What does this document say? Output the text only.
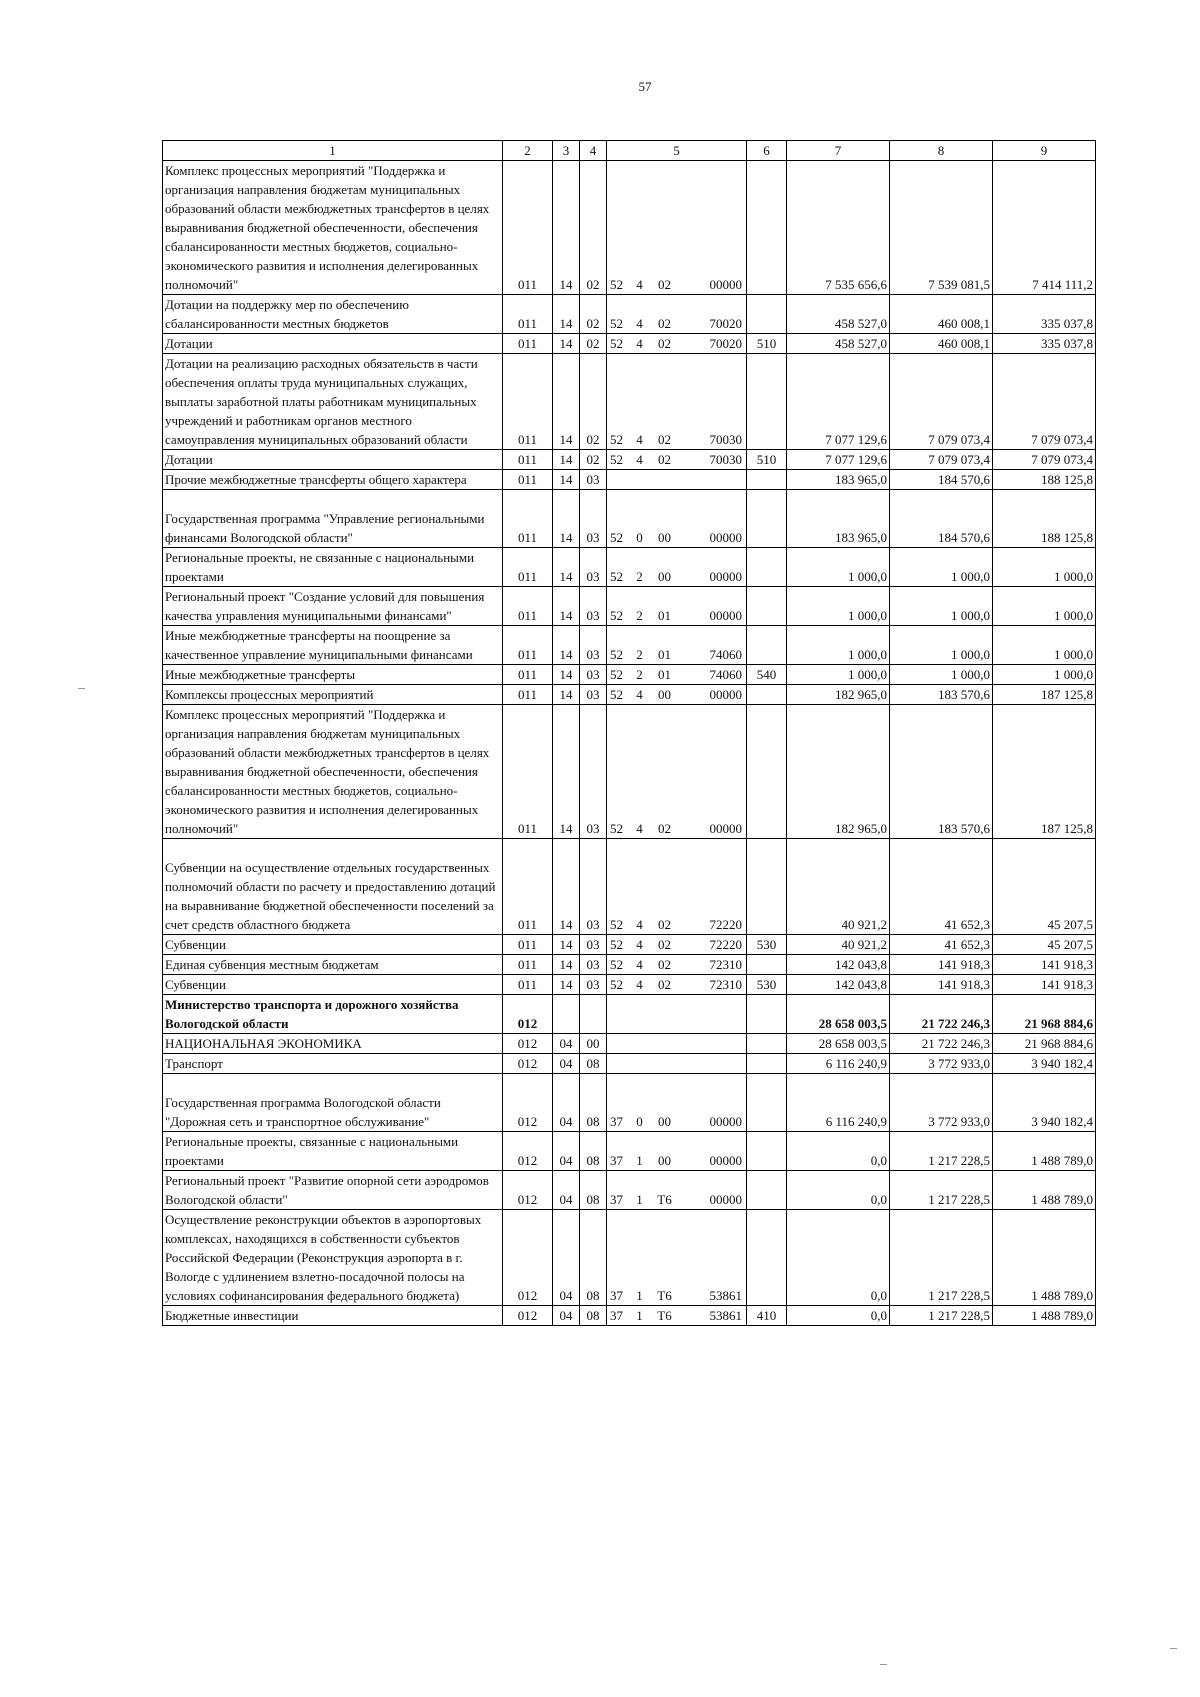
57
1	2	3	4	5				6	7	8	9
Комплекс процессных мероприятий "Поддержка и организация направления бюджетам муниципальных образований области межбюджетных трансфертов в целях выравнивания бюджетной обеспеченности, обеспечения сбалансированности местных бюджетов, социально-экономического развития и исполнения делегированных полномочий"	011	14	02	52	4	02	00000		7 535 656,6	7 539 081,5	7 414 111,2
Дотации на поддержку мер по обеспечению сбалансированности местных бюджетов	011	14	02	52	4	02	70020		458 527,0	460 008,1	335 037,8
Дотации	011	14	02	52	4	02	70020	510	458 527,0	460 008,1	335 037,8
Дотации на реализацию расходных обязательств в части обеспечения оплаты труда муниципальных служащих, выплаты заработной платы работникам муниципальных учреждений и работникам органов местного самоуправления муниципальных образований области	011	14	02	52	4	02	70030		7 077 129,6	7 079 073,4	7 079 073,4
Дотации	011	14	02	52	4	02	70030	510	7 077 129,6	7 079 073,4	7 079 073,4
Прочие межбюджетные трансферты общего характера	011	14	03						183 965,0	184 570,6	188 125,8

Государственная программа "Управление региональными финансами Вологодской области"	011	14	03	52	0	00	00000		183 965,0	184 570,6	188 125,8
Региональные проекты, не связанные с национальными проектами	011	14	03	52	2	00	00000		1 000,0	1 000,0	1 000,0
Региональный проект "Создание условий для повышения качества управления муниципальными финансами"	011	14	03	52	2	01	00000		1 000,0	1 000,0	1 000,0
Иные межбюджетные трансферты на поощрение за качественное управление муниципальными финансами	011	14	03	52	2	01	74060		1 000,0	1 000,0	1 000,0
Иные межбюджетные трансферты	011	14	03	52	2	01	74060	540	1 000,0	1 000,0	1 000,0
Комплексы процессных мероприятий	011	14	03	52	4	00	00000		182 965,0	183 570,6	187 125,8
Комплекс процессных мероприятий "Поддержка и организация направления бюджетам муниципальных образований области межбюджетных трансфертов в целях выравнивания бюджетной обеспеченности, обеспечения сбалансированности местных бюджетов, социально-экономического развития и исполнения делегированных полномочий"	011	14	03	52	4	02	00000		182 965,0	183 570,6	187 125,8

Субвенции на осуществление отдельных государственных полномочий области по расчету и предоставлению дотаций на выравнивание бюджетной обеспеченности поселений за счет средств областного бюджета	011	14	03	52	4	02	72220		40 921,2	41 652,3	45 207,5
Субвенции	011	14	03	52	4	02	72220	530	40 921,2	41 652,3	45 207,5
Единая субвенция местным бюджетам	011	14	03	52	4	02	72310		142 043,8	141 918,3	141 918,3
Субвенции	011	14	03	52	4	02	72310	530	142 043,8	141 918,3	141 918,3
Министерство транспорта и дорожного хозяйства Вологодской области	012								28 658 003,5	21 722 246,3	21 968 884,6
НАЦИОНАЛЬНАЯ ЭКОНОМИКА	012	04	00						28 658 003,5	21 722 246,3	21 968 884,6
Транспорт	012	04	08						6 116 240,9	3 772 933,0	3 940 182,4

Государственная программа Вологодской области "Дорожная сеть и транспортное обслуживание"	012	04	08	37	0	00	00000		6 116 240,9	3 772 933,0	3 940 182,4
Региональные проекты, связанные с национальными проектами	012	04	08	37	1	00	00000		0,0	1 217 228,5	1 488 789,0
Региональный проект "Развитие опорной сети аэродромов Вологодской области"	012	04	08	37	1	Т6	00000		0,0	1 217 228,5	1 488 789,0
Осуществление реконструкции объектов в аэропортовых комплексах, находящихся в собственности субъектов Российской Федерации (Реконструкция аэропорта в г. Вологде с удлинением взлетно-посадочной полосы на условиях софинансирования федерального бюджета)	012	04	08	37	1	Т6	53861		0,0	1 217 228,5	1 488 789,0
Бюджетные инвестиции	012	04	08	37	1	Т6	53861	410	0,0	1 217 228,5	1 488 789,0
